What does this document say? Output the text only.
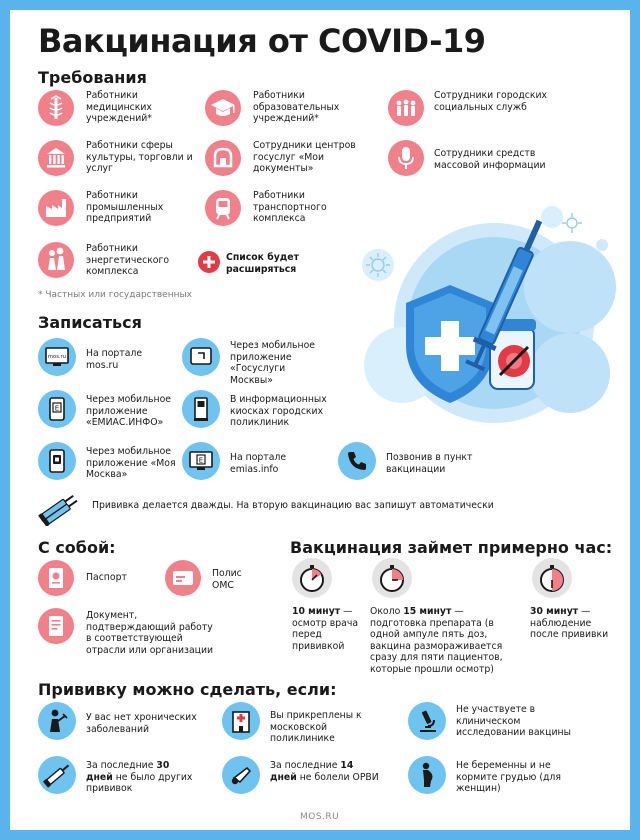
Вакцинация от COVID-19
Требования
Работники медицинских учреждений*
Работники сферы культуры, торговли и услуг
Работники промышленных предприятий
Работники энергетического комплекса
Работники образовательных учреждений*
Сотрудники центров госуслуг «Мои документы»
Работники транспортного комплекса
Список будет расширяться
Сотрудники городских социальных служб
Сотрудники средств массовой информации
* Частных или государственных
Записаться
mos.ru На портале
mos.ru
Через мобильное приложение «Госуслуги Москвы»
E
Через мобильное приложение «ЕМИАС.ИНФО»
В информационных киосках городских поликлиник
Через мобильное приложение «Моя Москва»
E	На портале
emias.info
Позвонив в пункт вакцинации
Прививка делается дважды. На вторую вакцинацию вас запишут автоматически
С собой:
Паспорт	Полис ОМС
Документ, подтверждающий работу в соответствующей отрасли или организации
Вакцинация займет примерно час:
10 минут — осмотр врача перед прививкой
Около 15 минут — подготовка препарата (в одной ампуле пять доз, вакцина размораживается сразу для пяти пациентов, которые прошли осмотр)
30 минут — наблюдение после прививки
Прививку можно сделать, если:
У вас нет хронических заболеваний
Вы прикреплены к московской поликлинике
Не участвуете в клиническом исследовании вакцины
За последние 30 дней не было других прививок
За последние 14 дней не болели ОРВИ
Не беременны и не кормите грудью (для женщин)
MOS.RU
